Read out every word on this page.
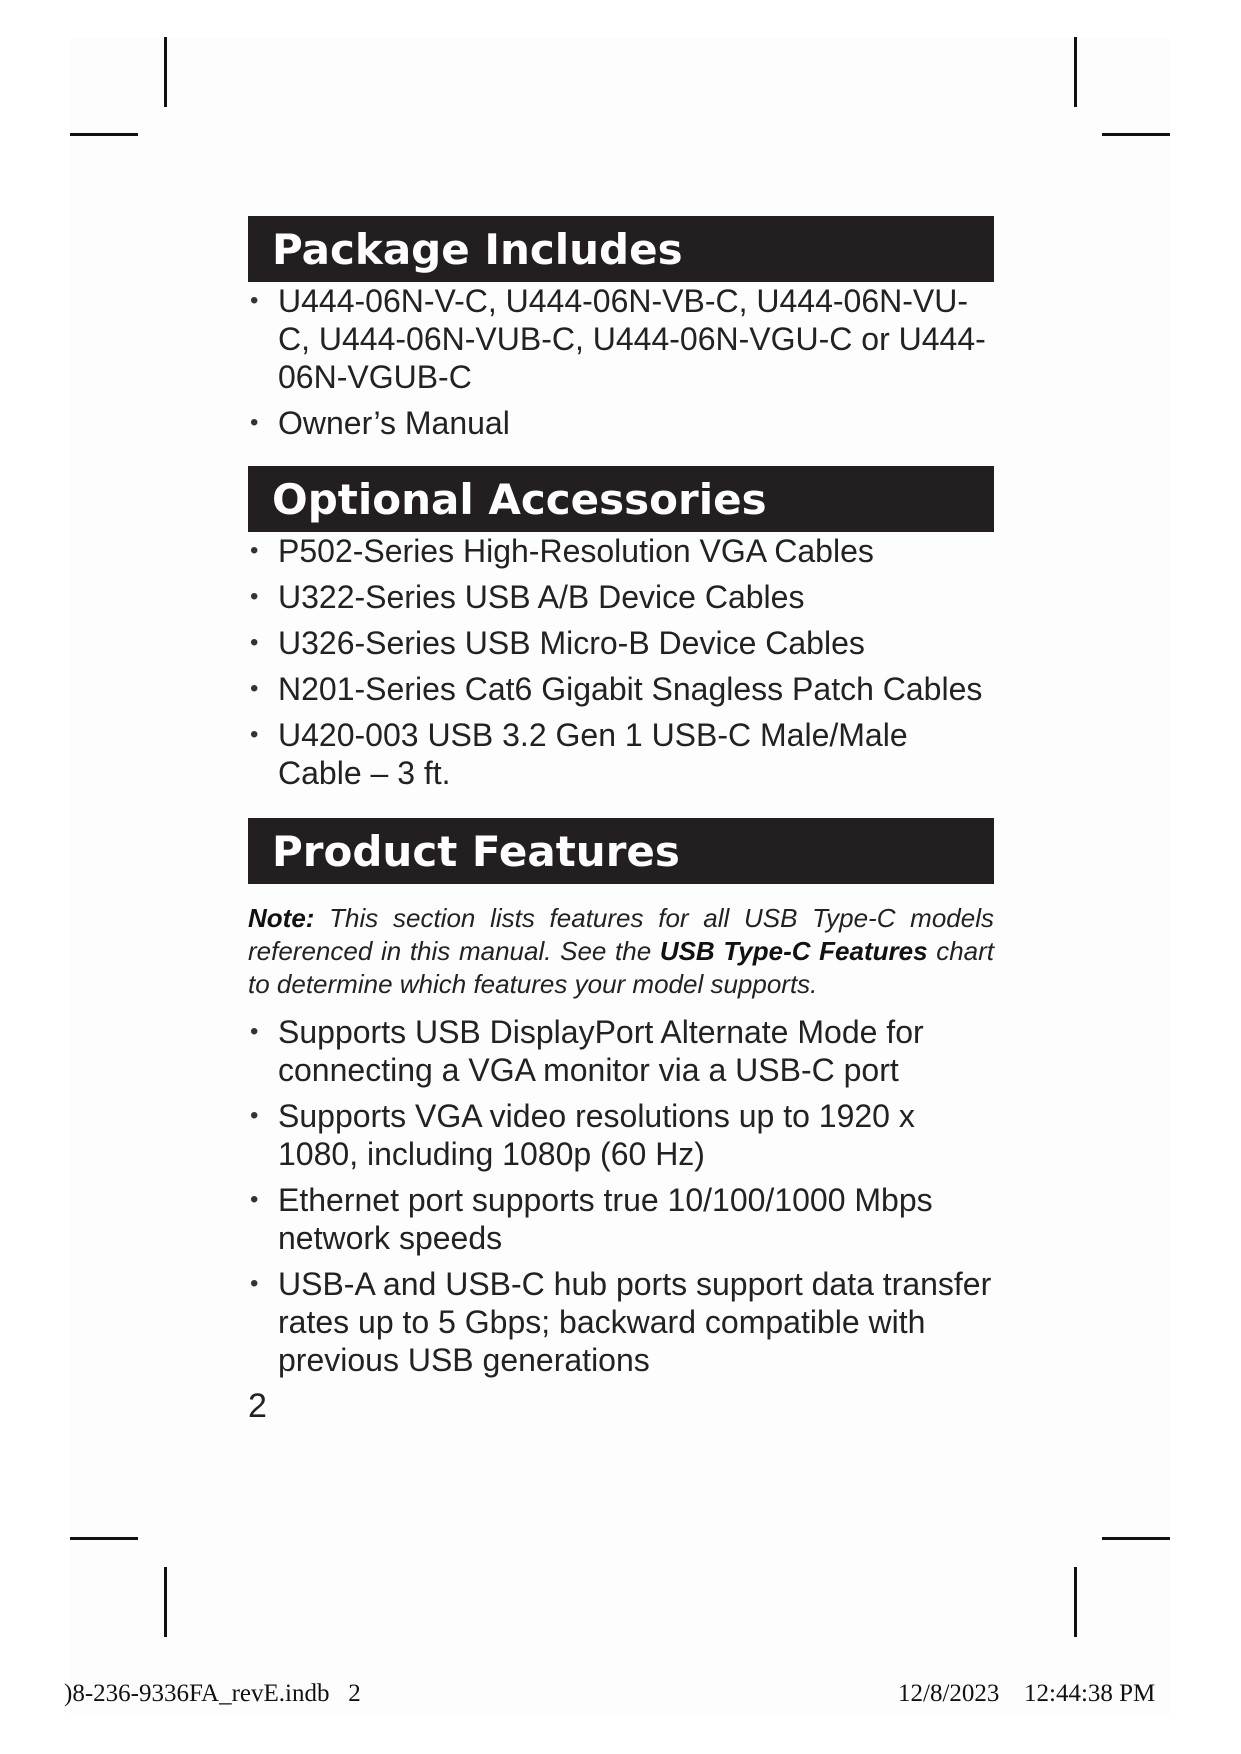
Package Includes
• U444-06N-V-C, U444-06N-VB-C, U444-06N-VU-C, U444-06N-VUB-C, U444-06N-VGU-C or U444-06N-VGUB-C
• Owner’s Manual
Optional Accessories
• P502-Series High-Resolution VGA Cables
• U322-Series USB A/B Device Cables
• U326-Series USB Micro-B Device Cables
• N201-Series Cat6 Gigabit Snagless Patch Cables
• U420-003 USB 3.2 Gen 1 USB-C Male/Male Cable – 3 ft.
Product Features
Note: This section lists features for all USB Type-C models referenced in this manual. See the USB Type-C Features chart to determine which features your model supports.
• Supports USB DisplayPort Alternate Mode for connecting a VGA monitor via a USB-C port
• Supports VGA video resolutions up to 1920 x 1080, including 1080p (60 Hz)
• Ethernet port supports true 10/100/1000 Mbps network speeds
• USB-A and USB-C hub ports support data transfer rates up to 5 Gbps; backward compatible with previous USB generations
2
)8-236-9336FA_revE.indb   2	12/8/2023 12:44:38 PM
